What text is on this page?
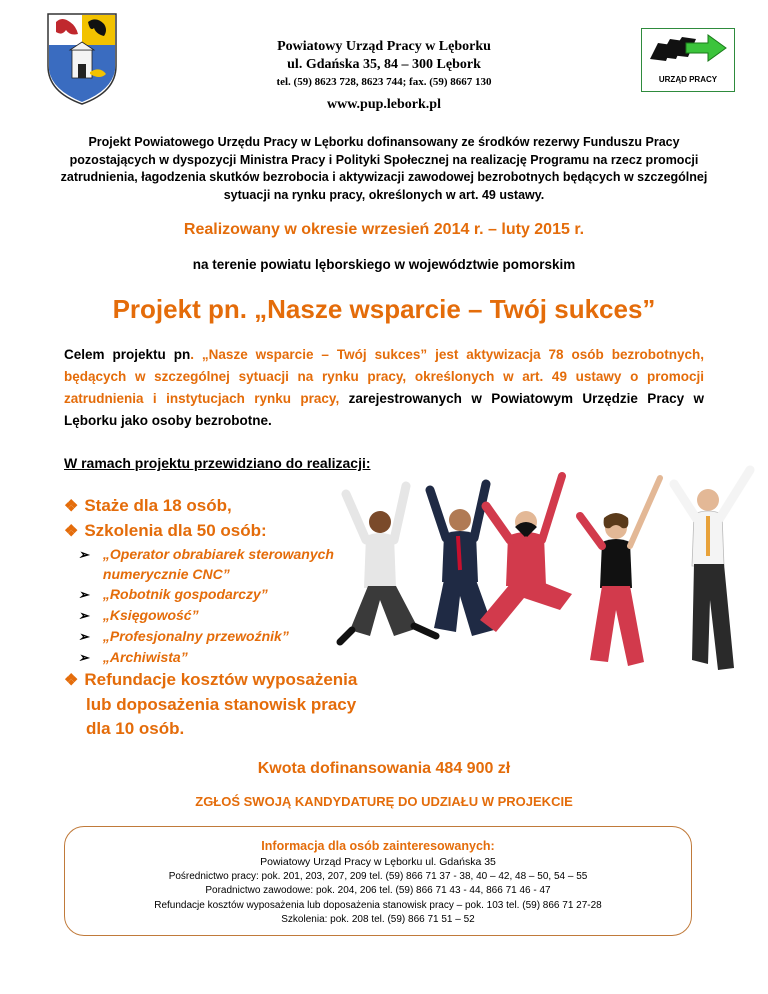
Powiatowy Urząd Pracy w Lęborku
ul. Gdańska 35, 84 – 300 Lębork
tel. (59) 8623 728, 8623 744; fax. (59) 8667 130
www.pup.lebork.pl
URZĄD PRACY
Projekt Powiatowego Urzędu Pracy w Lęborku dofinansowany ze środków rezerwy Funduszu Pracy pozostających w dyspozycji Ministra Pracy i Polityki Społecznej na realizację Programu na rzecz promocji zatrudnienia, łagodzenia skutków bezrobocia i aktywizacji zawodowej bezrobotnych będących w szczególnej sytuacji na rynku pracy, określonych w art. 49 ustawy.
Realizowany w okresie wrzesień 2014 r. – luty 2015 r.
na terenie powiatu lęborskiego w województwie pomorskim
Projekt pn. „Nasze wsparcie – Twój sukces”
Celem projektu pn. „Nasze wsparcie – Twój sukces” jest aktywizacja 78 osób bezrobotnych, będących w szczególnej sytuacji na rynku pracy, określonych w art. 49 ustawy o promocji zatrudnienia i instytucjach rynku pracy, zarejestrowanych w Powiatowym Urzędzie Pracy w Lęborku jako osoby bezrobotne.
W ramach projektu przewidziano do realizacji:
❖ Staże dla 18 osób,
❖ Szkolenia dla 50 osób:
➢ „Operator obrabiarek sterowanych numerycznie CNC”
➢ „Robotnik gospodarczy”
➢ „Księgowość”
➢ „Profesjonalny przewoźnik”
➢ „Archiwista”
❖ Refundacje kosztów wyposażenia
lub doposażenia stanowisk pracy
dla 10 osób.
Kwota dofinansowania 484 900 zł
ZGŁOŚ SWOJĄ KANDYDATURĘ DO UDZIAŁU W PROJEKCIE
Informacja dla osób zainteresowanych:
Powiatowy Urząd Pracy w Lęborku ul. Gdańska 35
Pośrednictwo pracy: pok. 201, 203, 207, 209 tel. (59) 866 71 37 - 38, 40 – 42, 48 – 50, 54 – 55
Poradnictwo zawodowe: pok. 204, 206 tel. (59) 866 71 43 - 44, 866 71 46 - 47
Refundacje kosztów wyposażenia lub doposażenia stanowisk pracy – pok. 103 tel. (59) 866 71 27-28
Szkolenia: pok. 208 tel. (59) 866 71 51 – 52
